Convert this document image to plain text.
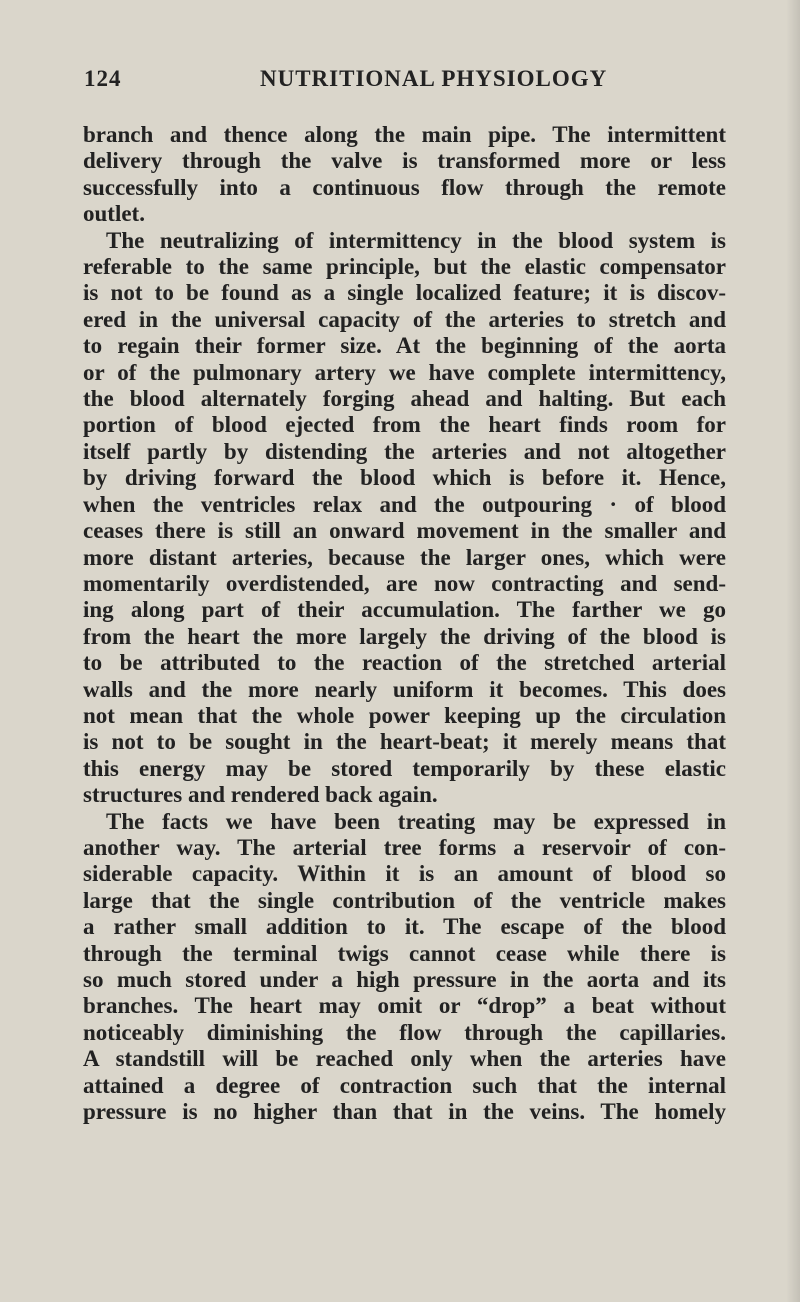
124	NUTRITIONAL PHYSIOLOGY
branch and thence along the main pipe. The intermittent
delivery through the valve is transformed more or less
successfully into a continuous flow through the remote
outlet.
The neutralizing of intermittency in the blood system is
referable to the same principle, but the elastic compensator
is not to be found as a single localized feature; it is discov-
ered in the universal capacity of the arteries to stretch and
to regain their former size. At the beginning of the aorta
or of the pulmonary artery we have complete intermittency,
the blood alternately forging ahead and halting. But each
portion of blood ejected from the heart finds room for
itself partly by distending the arteries and not altogether
by driving forward the blood which is before it. Hence,
when the ventricles relax and the outpouring · of blood
ceases there is still an onward movement in the smaller and
more distant arteries, because the larger ones, which were
momentarily overdistended, are now contracting and send-
ing along part of their accumulation. The farther we go
from the heart the more largely the driving of the blood is
to be attributed to the reaction of the stretched arterial
walls and the more nearly uniform it becomes. This does
not mean that the whole power keeping up the circulation
is not to be sought in the heart-beat; it merely means that
this energy may be stored temporarily by these elastic
structures and rendered back again.
The facts we have been treating may be expressed in
another way. The arterial tree forms a reservoir of con-
siderable capacity. Within it is an amount of blood so
large that the single contribution of the ventricle makes
a rather small addition to it. The escape of the blood
through the terminal twigs cannot cease while there is
so much stored under a high pressure in the aorta and its
branches. The heart may omit or “drop” a beat without
noticeably diminishing the flow through the capillaries.
A standstill will be reached only when the arteries have
attained a degree of contraction such that the internal
pressure is no higher than that in the veins. The homely
